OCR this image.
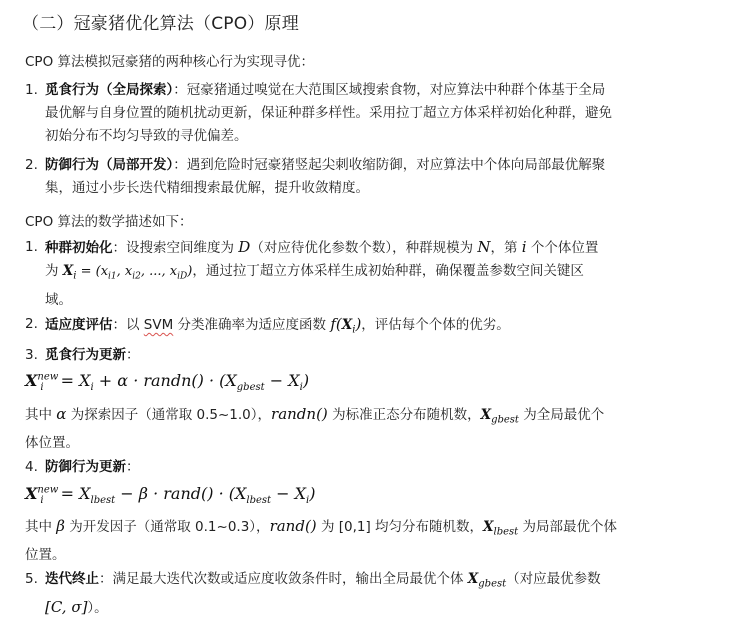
（二）冠豪猪优化算法（CPO）原理
CPO 算法模拟冠豪猪的两种核心行为实现寻优：
1. 觅食行为（全局探索）：冠豪猪通过嗅觉在大范围区域搜索食物，对应算法中种群个体基于全局
最优解与自身位置的随机扰动更新，保证种群多样性。采用拉丁超立方体采样初始化种群，避免
初始分布不均匀导致的寻优偏差。
2. 防御行为（局部开发）：遇到危险时冠豪猪竖起尖刺收缩防御，对应算法中个体向局部最优解聚
集，通过小步长迭代精细搜索最优解，提升收敛精度。
CPO 算法的数学描述如下：
1. 种群初始化：设搜索空间维度为 D（对应待优化参数个数），种群规模为 N，第 i 个个体位置
为 $X_i = (x_{i1}$, $x_{i2}$, ..., $x_{iD}$)，通过拉丁超立方体采样生成初始种群，确保覆盖参数空间关键区
域。
2. 适应度评估：以 SVM 分类准确率为适应度函数 $f(X_i)$，评估每个个体的优劣。
3. 觅食行为更新：
$X^{new}_i = X_i + \alpha$ · randn() · $(X_{gbest} - X_i)$
其中 α 为探索因子（通常取 0.5~1.0），randn() 为标准正态分布随机数，$X_{gbest}$ 为全局最优个
体位置。
4. 防御行为更新：
$X^{new}_i = X_{lbest} - \beta$ · rand() · $(X_{lbest} - X_i)$
其中 β 为开发因子（通常取 0.1~0.3），rand() 为 [0,1] 均匀分布随机数，$X_{lbest}$ 为局部最优个体
位置。
5. 迭代终止：满足最大迭代次数或适应度收敛条件时，输出全局最优个体 $X_{gbest}$（对应最优参数
[C, σ]）。
